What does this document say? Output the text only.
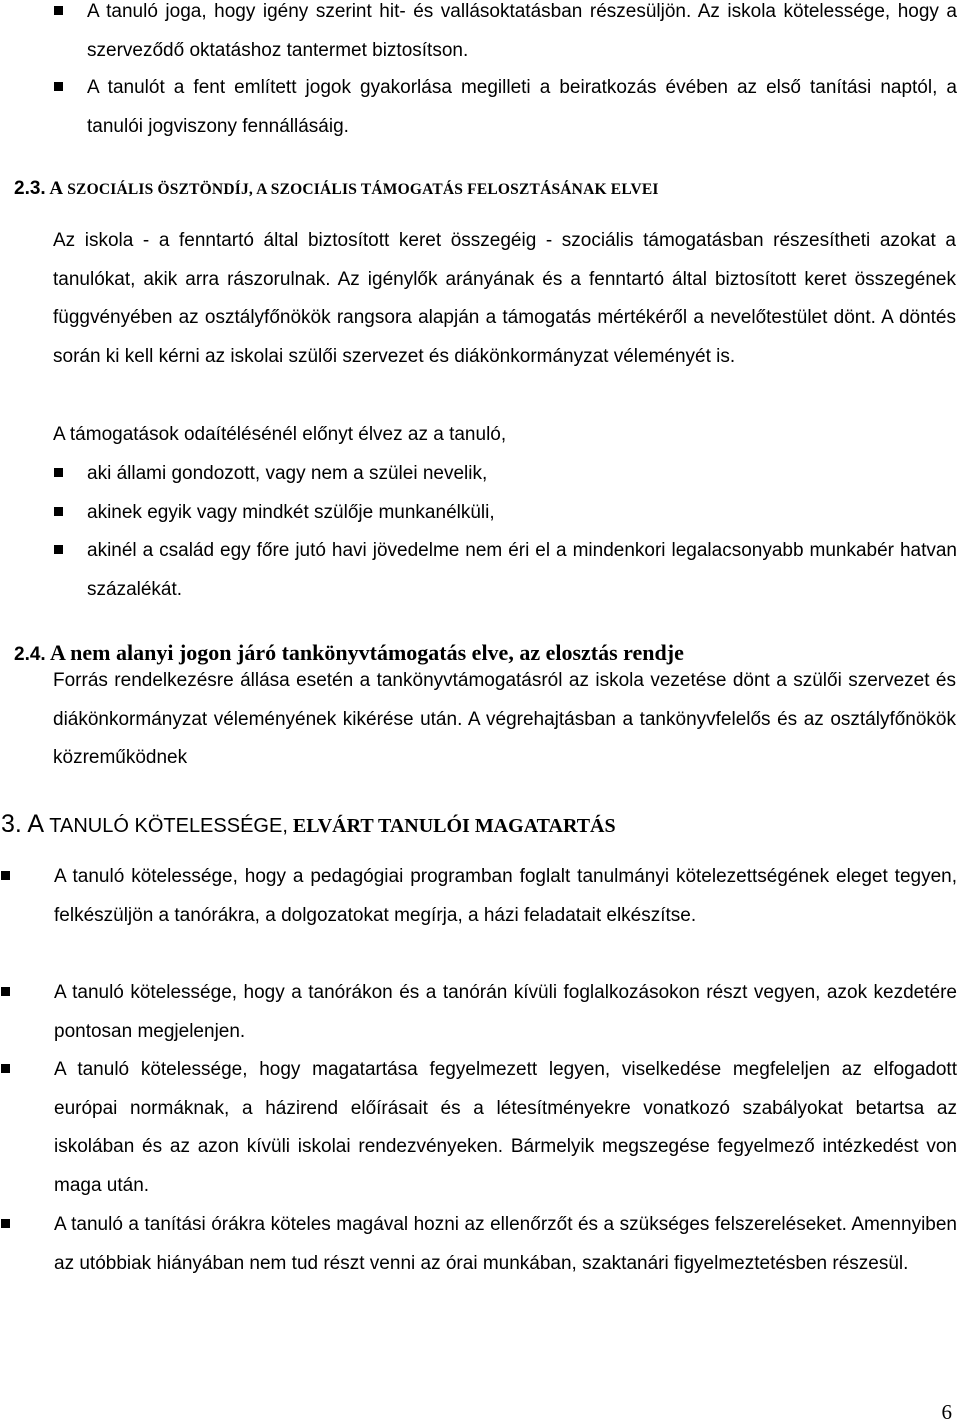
A tanuló joga, hogy igény szerint hit- és vallásoktatásban részesüljön. Az iskola kötelessége, hogy a szerveződő oktatáshoz tantermet biztosítson.

A tanulót a fent említett jogok gyakorlása megilleti a beiratkozás évében az első tanítási naptól, a tanulói jogviszony fennállásáig.

2.3. A SZOCIÁLIS ÖSZTÖNDÍJ, A SZOCIÁLIS TÁMOGATÁS FELOSZTÁSÁNAK ELVEI

Az iskola - a fenntartó által biztosított keret összegéig - szociális támogatásban részesítheti azokat a tanulókat, akik arra rászorulnak. Az igénylők arányának és a fenntartó által biztosított keret összegének függvényében az osztályfőnökök rangsora alapján a támogatás mértékéről a nevelőtestület dönt. A döntés során ki kell kérni az iskolai szülői szervezet és diákönkormányzat véleményét is.

A támogatások odaítélésénél előnyt élvez az a tanuló,

aki állami gondozott, vagy nem a szülei nevelik,

akinek egyik vagy mindkét szülője munkanélküli,

akinél a család egy főre jutó havi jövedelme nem éri el a mindenkori legalacsonyabb munkabér hatvan százalékát.

2.4. A nem alanyi jogon járó tankönyvtámogatás elve, az elosztás rendje

Forrás rendelkezésre állása esetén a tankönyvtámogatásról az iskola vezetése dönt a szülői szervezet és diákönkormányzat véleményének kikérése után. A végrehajtásban a tankönyvfelelős és az osztályfőnökök közreműködnek

3. A TANULÓ KÖTELESSÉGE, ELVÁRT TANULÓI MAGATARTÁS

A tanuló kötelessége, hogy a pedagógiai programban foglalt tanulmányi kötelezettségének eleget tegyen, felkészüljön a tanórákra, a dolgozatokat megírja, a házi feladatait elkészítse.

A tanuló kötelessége, hogy a tanórákon és a tanórán kívüli foglalkozásokon részt vegyen, azok kezdetére pontosan megjelenjen.

A tanuló kötelessége, hogy magatartása fegyelmezett legyen, viselkedése megfeleljen az elfogadott európai normáknak, a házirend előírásait és a létesítményekre vonatkozó szabályokat betartsa az iskolában és az azon kívüli iskolai rendezvényeken. Bármelyik megszegése fegyelmező intézkedést von maga után.

A tanuló a tanítási órákra köteles magával hozni az ellenőrzőt és a szükséges felszereléseket. Amennyiben az utóbbiak hiányában nem tud részt venni az órai munkában, szaktanári figyelmeztetésben részesül.

6
